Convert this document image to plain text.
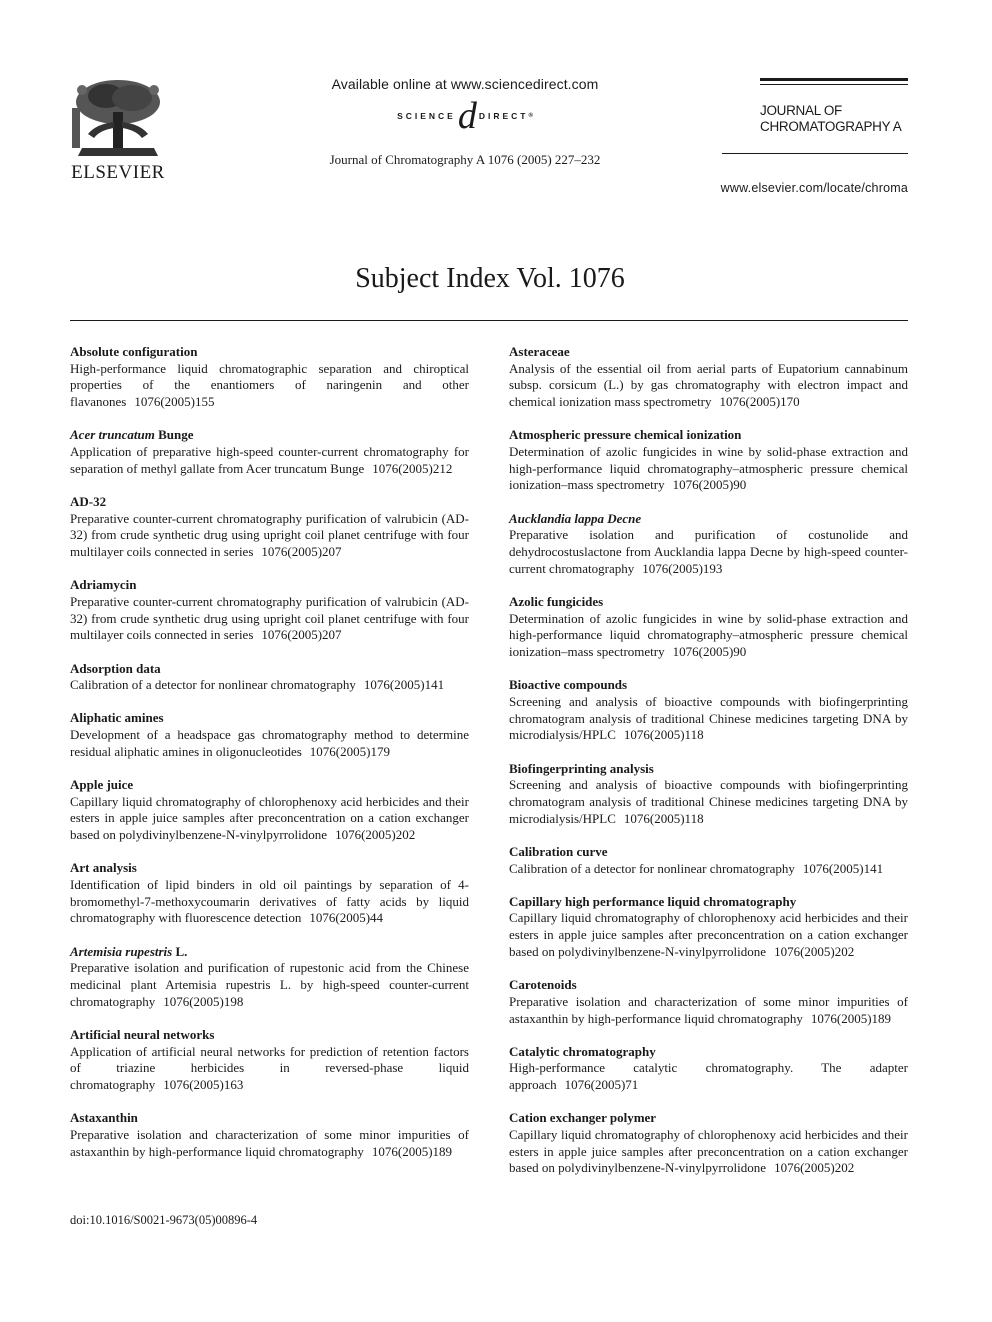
ELSEVIER
Available online at www.sciencedirect.com
SCIENCE d DIRECT ®
Journal of Chromatography A 1076 (2005) 227–232
JOURNAL OF
CHROMATOGRAPHY A
www.elsevier.com/locate/chroma
Subject Index Vol. 1076
Absolute configuration
High-performance liquid chromatographic separation and chiroptical properties of the enantiomers of naringenin and other flavanones 1076(2005)155
Acer truncatum Bunge
Application of preparative high-speed counter-current chromatography for separation of methyl gallate from Acer truncatum Bunge 1076(2005)212
AD-32
Preparative counter-current chromatography purification of valrubicin (AD-32) from crude synthetic drug using upright coil planet centrifuge with four multilayer coils connected in series 1076(2005)207
Adriamycin
Preparative counter-current chromatography purification of valrubicin (AD-32) from crude synthetic drug using upright coil planet centrifuge with four multilayer coils connected in series 1076(2005)207
Adsorption data
Calibration of a detector for nonlinear chromatography 1076(2005)141
Aliphatic amines
Development of a headspace gas chromatography method to determine residual aliphatic amines in oligonucleotides 1076(2005)179
Apple juice
Capillary liquid chromatography of chlorophenoxy acid herbicides and their esters in apple juice samples after preconcentration on a cation exchanger based on polydivinylbenzene-N-vinylpyrrolidone 1076(2005)202
Art analysis
Identification of lipid binders in old oil paintings by separation of 4-bromomethyl-7-methoxycoumarin derivatives of fatty acids by liquid chromatography with fluorescence detection 1076(2005)44
Artemisia rupestris L.
Preparative isolation and purification of rupestonic acid from the Chinese medicinal plant Artemisia rupestris L. by high-speed counter-current chromatography 1076(2005)198
Artificial neural networks
Application of artificial neural networks for prediction of retention factors of triazine herbicides in reversed-phase liquid chromatography 1076(2005)163
Astaxanthin
Preparative isolation and characterization of some minor impurities of astaxanthin by high-performance liquid chromatography 1076(2005)189
Asteraceae
Analysis of the essential oil from aerial parts of Eupatorium cannabinum subsp. corsicum (L.) by gas chromatography with electron impact and chemical ionization mass spectrometry 1076(2005)170
Atmospheric pressure chemical ionization
Determination of azolic fungicides in wine by solid-phase extraction and high-performance liquid chromatography–atmospheric pressure chemical ionization–mass spectrometry 1076(2005)90
Aucklandia lappa Decne
Preparative isolation and purification of costunolide and dehydrocostuslactone from Aucklandia lappa Decne by high-speed counter-current chromatography 1076(2005)193
Azolic fungicides
Determination of azolic fungicides in wine by solid-phase extraction and high-performance liquid chromatography–atmospheric pressure chemical ionization–mass spectrometry 1076(2005)90
Bioactive compounds
Screening and analysis of bioactive compounds with biofingerprinting chromatogram analysis of traditional Chinese medicines targeting DNA by microdialysis/HPLC 1076(2005)118
Biofingerprinting analysis
Screening and analysis of bioactive compounds with biofingerprinting chromatogram analysis of traditional Chinese medicines targeting DNA by microdialysis/HPLC 1076(2005)118
Calibration curve
Calibration of a detector for nonlinear chromatography 1076(2005)141
Capillary high performance liquid chromatography
Capillary liquid chromatography of chlorophenoxy acid herbicides and their esters in apple juice samples after preconcentration on a cation exchanger based on polydivinylbenzene-N-vinylpyrrolidone 1076(2005)202
Carotenoids
Preparative isolation and characterization of some minor impurities of astaxanthin by high-performance liquid chromatography 1076(2005)189
Catalytic chromatography
High-performance catalytic chromatography. The adapter approach 1076(2005)71
Cation exchanger polymer
Capillary liquid chromatography of chlorophenoxy acid herbicides and their esters in apple juice samples after preconcentration on a cation exchanger based on polydivinylbenzene-N-vinylpyrrolidone 1076(2005)202
doi:10.1016/S0021-9673(05)00896-4
